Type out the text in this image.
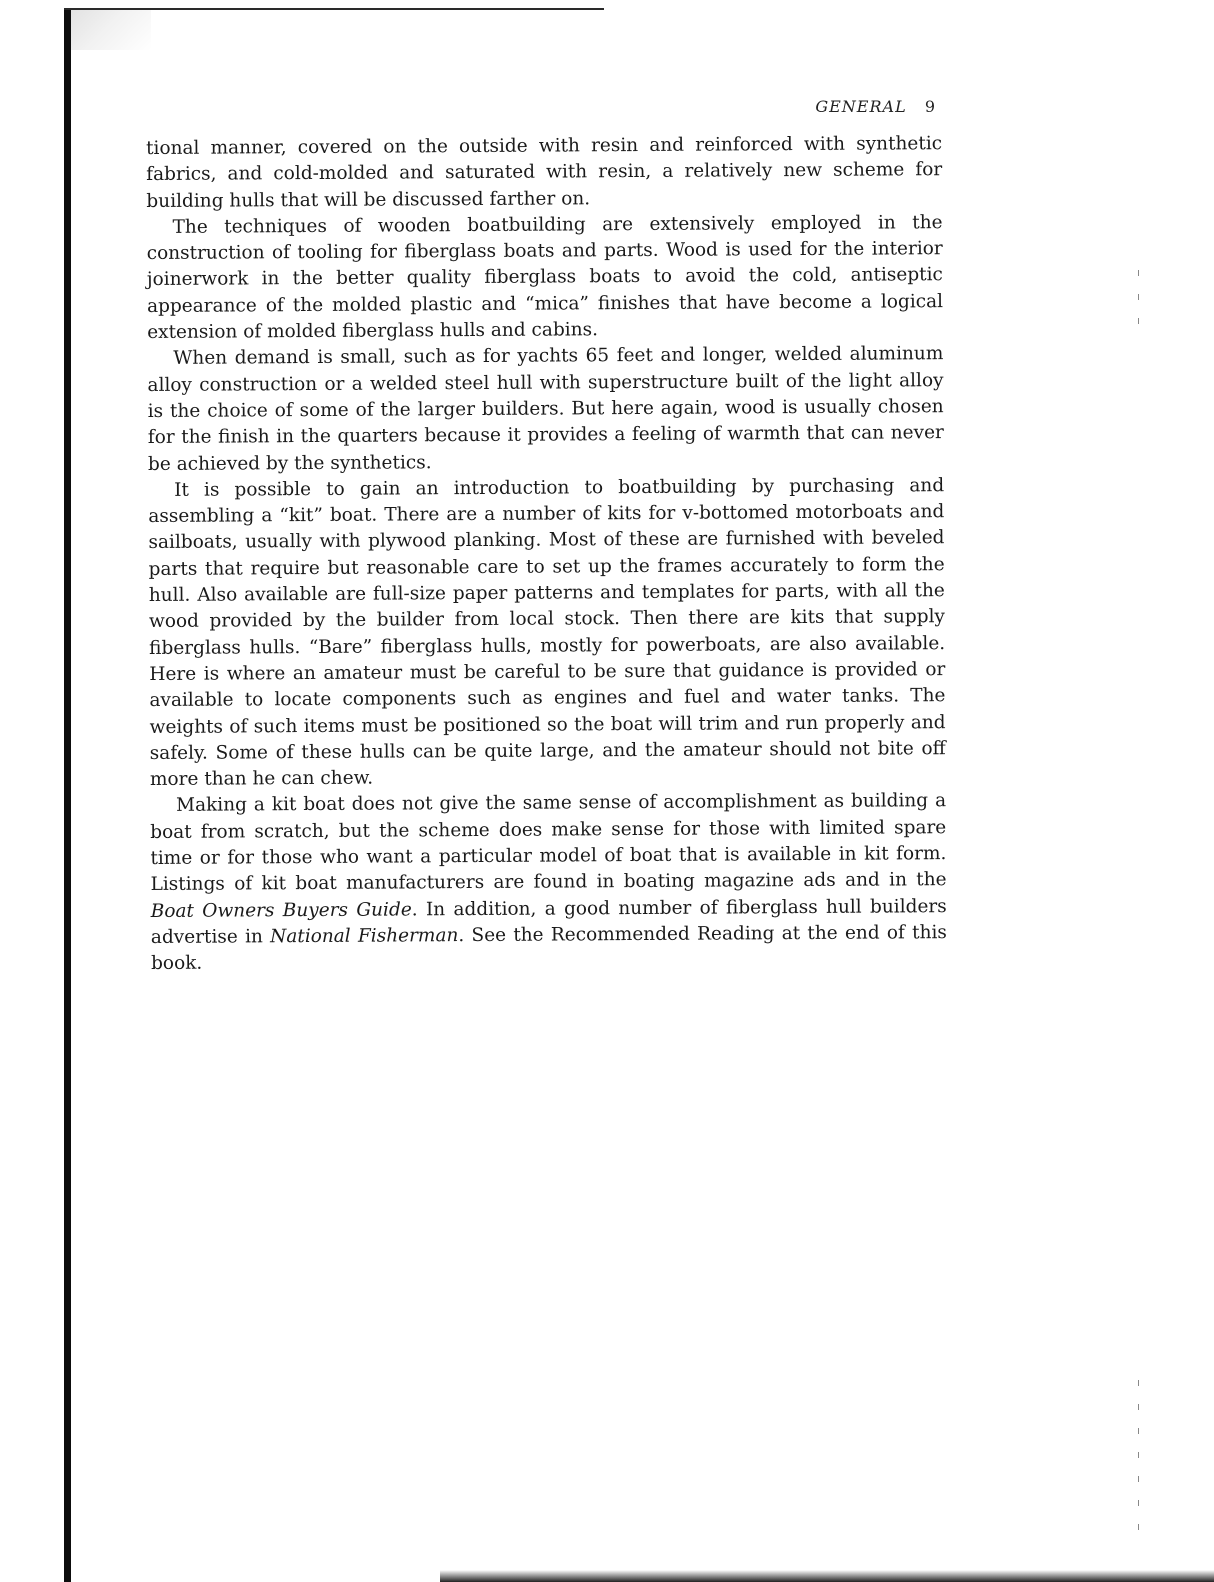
GENERAL 9

tional manner, covered on the outside with resin and reinforced with synthetic fabrics, and cold-molded and saturated with resin, a relatively new scheme for building hulls that will be discussed farther on.

The techniques of wooden boatbuilding are extensively employed in the construction of tooling for fiberglass boats and parts. Wood is used for the interior joinerwork in the better quality fiberglass boats to avoid the cold, antiseptic appearance of the molded plastic and “mica” finishes that have become a logical extension of molded fiberglass hulls and cabins.

When demand is small, such as for yachts 65 feet and longer, welded aluminum alloy construction or a welded steel hull with superstructure built of the light alloy is the choice of some of the larger builders. But here again, wood is usually chosen for the finish in the quarters because it provides a feeling of warmth that can never be achieved by the synthetics.

It is possible to gain an introduction to boatbuilding by purchasing and assembling a “kit” boat. There are a number of kits for v-bottomed motorboats and sailboats, usually with plywood planking. Most of these are furnished with beveled parts that require but reasonable care to set up the frames accurately to form the hull. Also available are full-size paper patterns and templates for parts, with all the wood provided by the builder from local stock. Then there are kits that supply fiberglass hulls. “Bare” fiberglass hulls, mostly for powerboats, are also available. Here is where an amateur must be careful to be sure that guidance is provided or available to locate components such as engines and fuel and water tanks. The weights of such items must be positioned so the boat will trim and run properly and safely. Some of these hulls can be quite large, and the amateur should not bite off more than he can chew.

Making a kit boat does not give the same sense of accomplishment as building a boat from scratch, but the scheme does make sense for those with limited spare time or for those who want a particular model of boat that is available in kit form. Listings of kit boat manufacturers are found in boating magazine ads and in the Boat Owners Buyers Guide. In addition, a good number of fiberglass hull builders advertise in National Fisherman. See the Recommended Reading at the end of this book.
